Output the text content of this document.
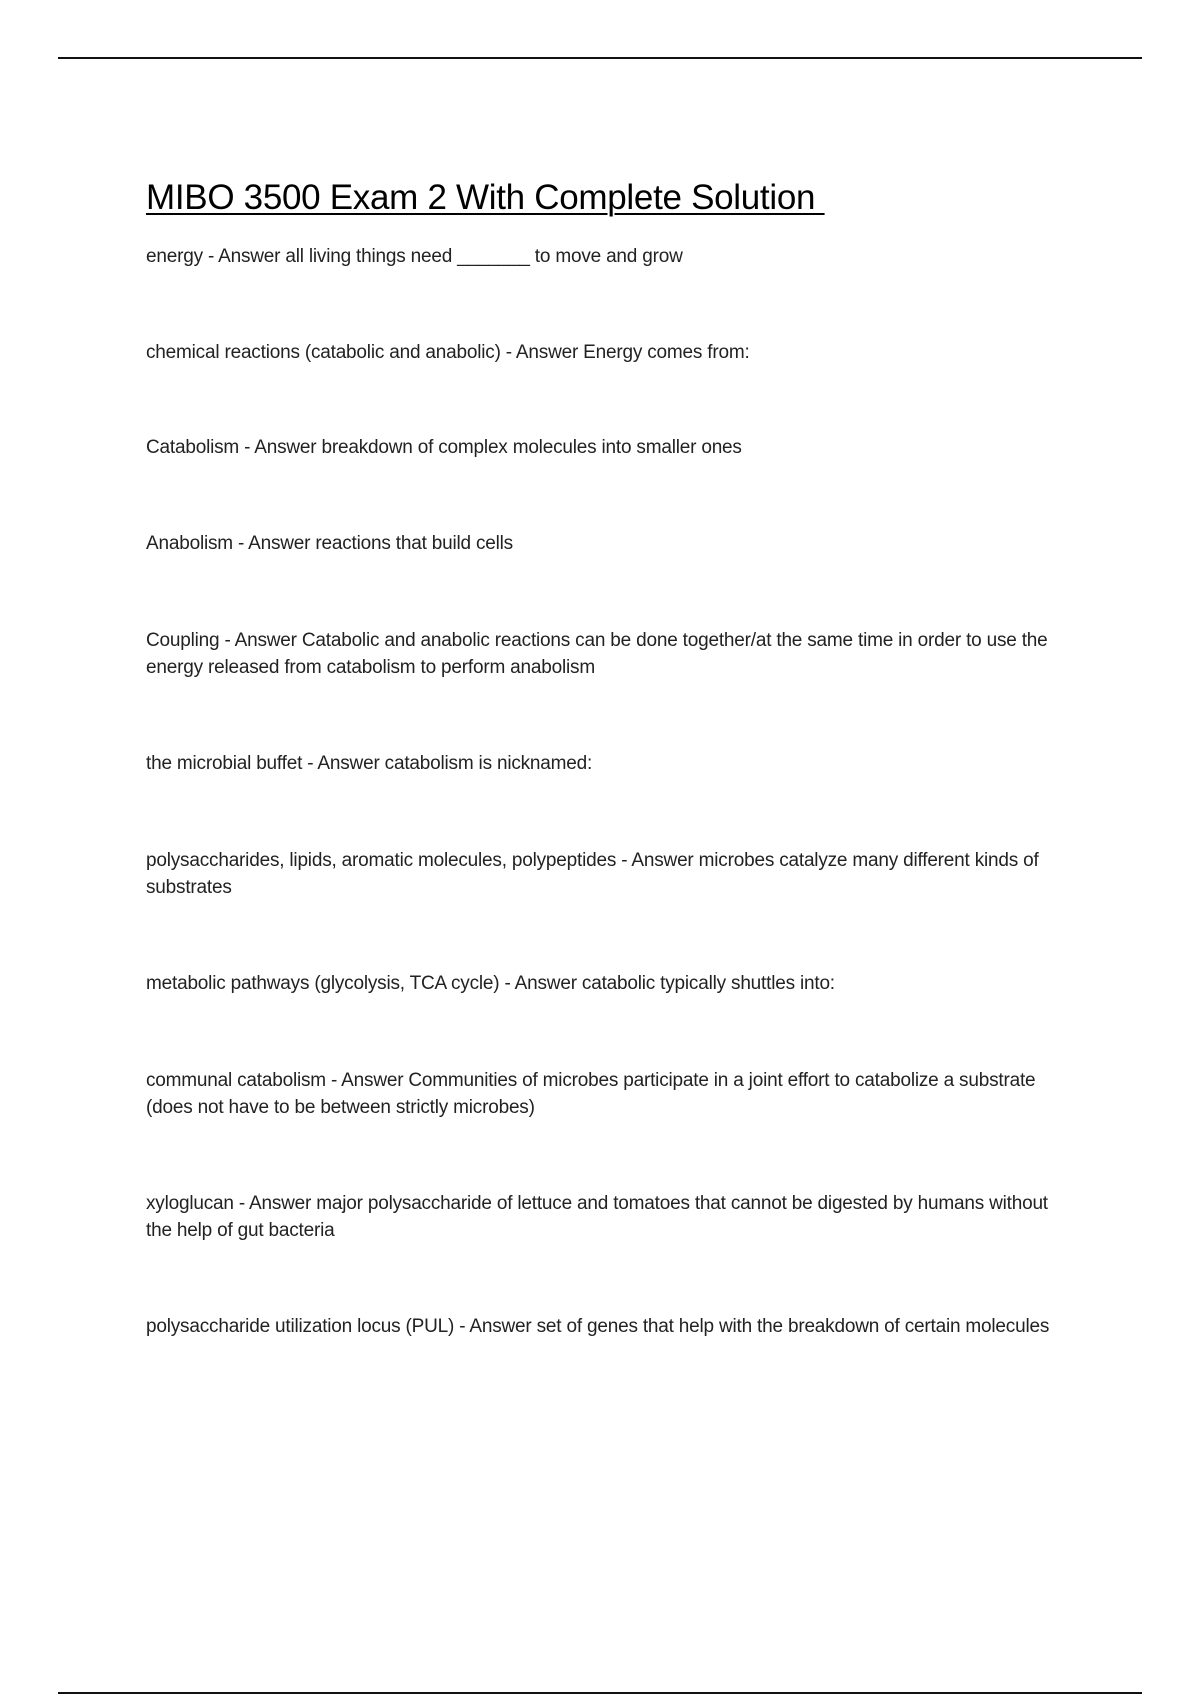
MIBO 3500 Exam 2 With Complete Solution

energy - Answer all living things need _______ to move and grow

chemical reactions (catabolic and anabolic) - Answer Energy comes from:

Catabolism - Answer breakdown of complex molecules into smaller ones

Anabolism - Answer reactions that build cells

Coupling - Answer Catabolic and anabolic reactions can be done together/at the same time in order to use the energy released from catabolism to perform anabolism

the microbial buffet - Answer catabolism is nicknamed:

polysaccharides, lipids, aromatic molecules, polypeptides - Answer microbes catalyze many different kinds of substrates

metabolic pathways (glycolysis, TCA cycle) - Answer catabolic typically shuttles into:

communal catabolism - Answer Communities of microbes participate in a joint effort to catabolize a substrate (does not have to be between strictly microbes)

xyloglucan - Answer major polysaccharide of lettuce and tomatoes that cannot be digested by humans without the help of gut bacteria

polysaccharide utilization locus (PUL) - Answer set of genes that help with the breakdown of certain molecules
